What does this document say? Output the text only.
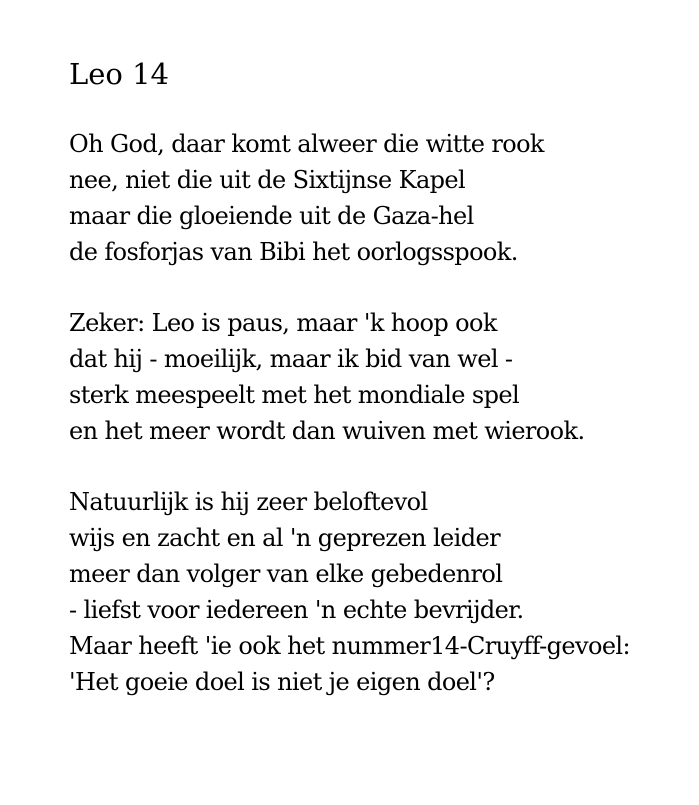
Leo 14
Oh God, daar komt alweer die witte rook
nee, niet die uit de Sixtijnse Kapel
maar die gloeiende uit de Gaza-hel
de fosforjas van Bibi het oorlogsspook.
Zeker: Leo is paus, maar 'k hoop ook
dat hij - moeilijk, maar ik bid van wel -
sterk meespeelt met het mondiale spel
en het meer wordt dan wuiven met wierook.
Natuurlijk is hij zeer beloftevol
wijs en zacht en al 'n geprezen leider
meer dan volger van elke gebedenrol
- liefst voor iedereen 'n echte bevrijder.
Maar heeft 'ie ook het nummer14-Cruyff-gevoel:
'Het goeie doel is niet je eigen doel'?
